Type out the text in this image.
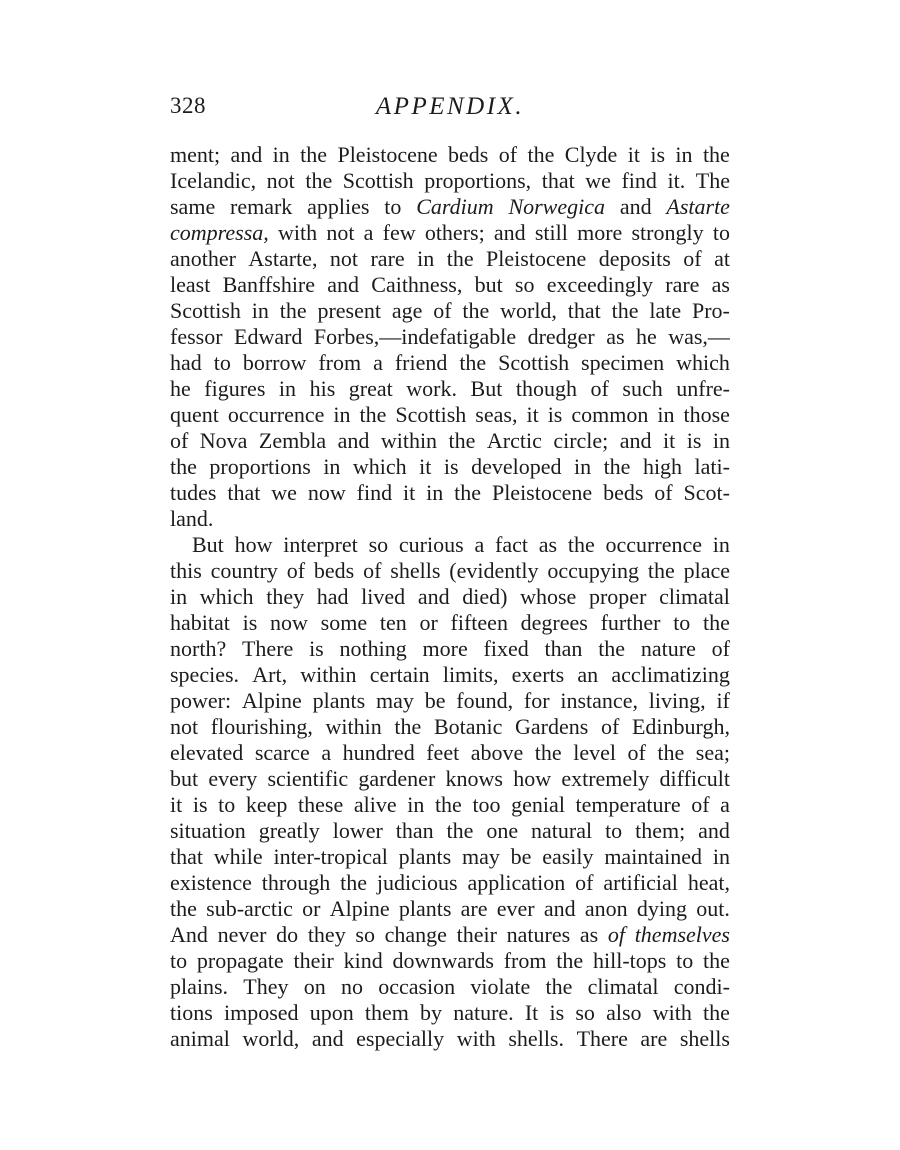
328	APPENDIX.
ment; and in the Pleistocene beds of the Clyde it is in the
Icelandic, not the Scottish proportions, that we find it. The
same remark applies to Cardium Norwegica and Astarte
compressa, with not a few others; and still more strongly to
another Astarte, not rare in the Pleistocene deposits of at
least Banffshire and Caithness, but so exceedingly rare as
Scottish in the present age of the world, that the late Pro-
fessor Edward Forbes,—indefatigable dredger as he was,—
had to borrow from a friend the Scottish specimen which
he figures in his great work. But though of such unfre-
quent occurrence in the Scottish seas, it is common in those
of Nova Zembla and within the Arctic circle; and it is in
the proportions in which it is developed in the high lati-
tudes that we now find it in the Pleistocene beds of Scot-
land.
But how interpret so curious a fact as the occurrence in
this country of beds of shells (evidently occupying the place
in which they had lived and died) whose proper climatal
habitat is now some ten or fifteen degrees further to the
north? There is nothing more fixed than the nature of
species. Art, within certain limits, exerts an acclimatizing
power: Alpine plants may be found, for instance, living, if
not flourishing, within the Botanic Gardens of Edinburgh,
elevated scarce a hundred feet above the level of the sea;
but every scientific gardener knows how extremely difficult
it is to keep these alive in the too genial temperature of a
situation greatly lower than the one natural to them; and
that while inter-tropical plants may be easily maintained in
existence through the judicious application of artificial heat,
the sub-arctic or Alpine plants are ever and anon dying out.
And never do they so change their natures as of themselves
to propagate their kind downwards from the hill-tops to the
plains. They on no occasion violate the climatal condi-
tions imposed upon them by nature. It is so also with the
animal world, and especially with shells. There are shells
